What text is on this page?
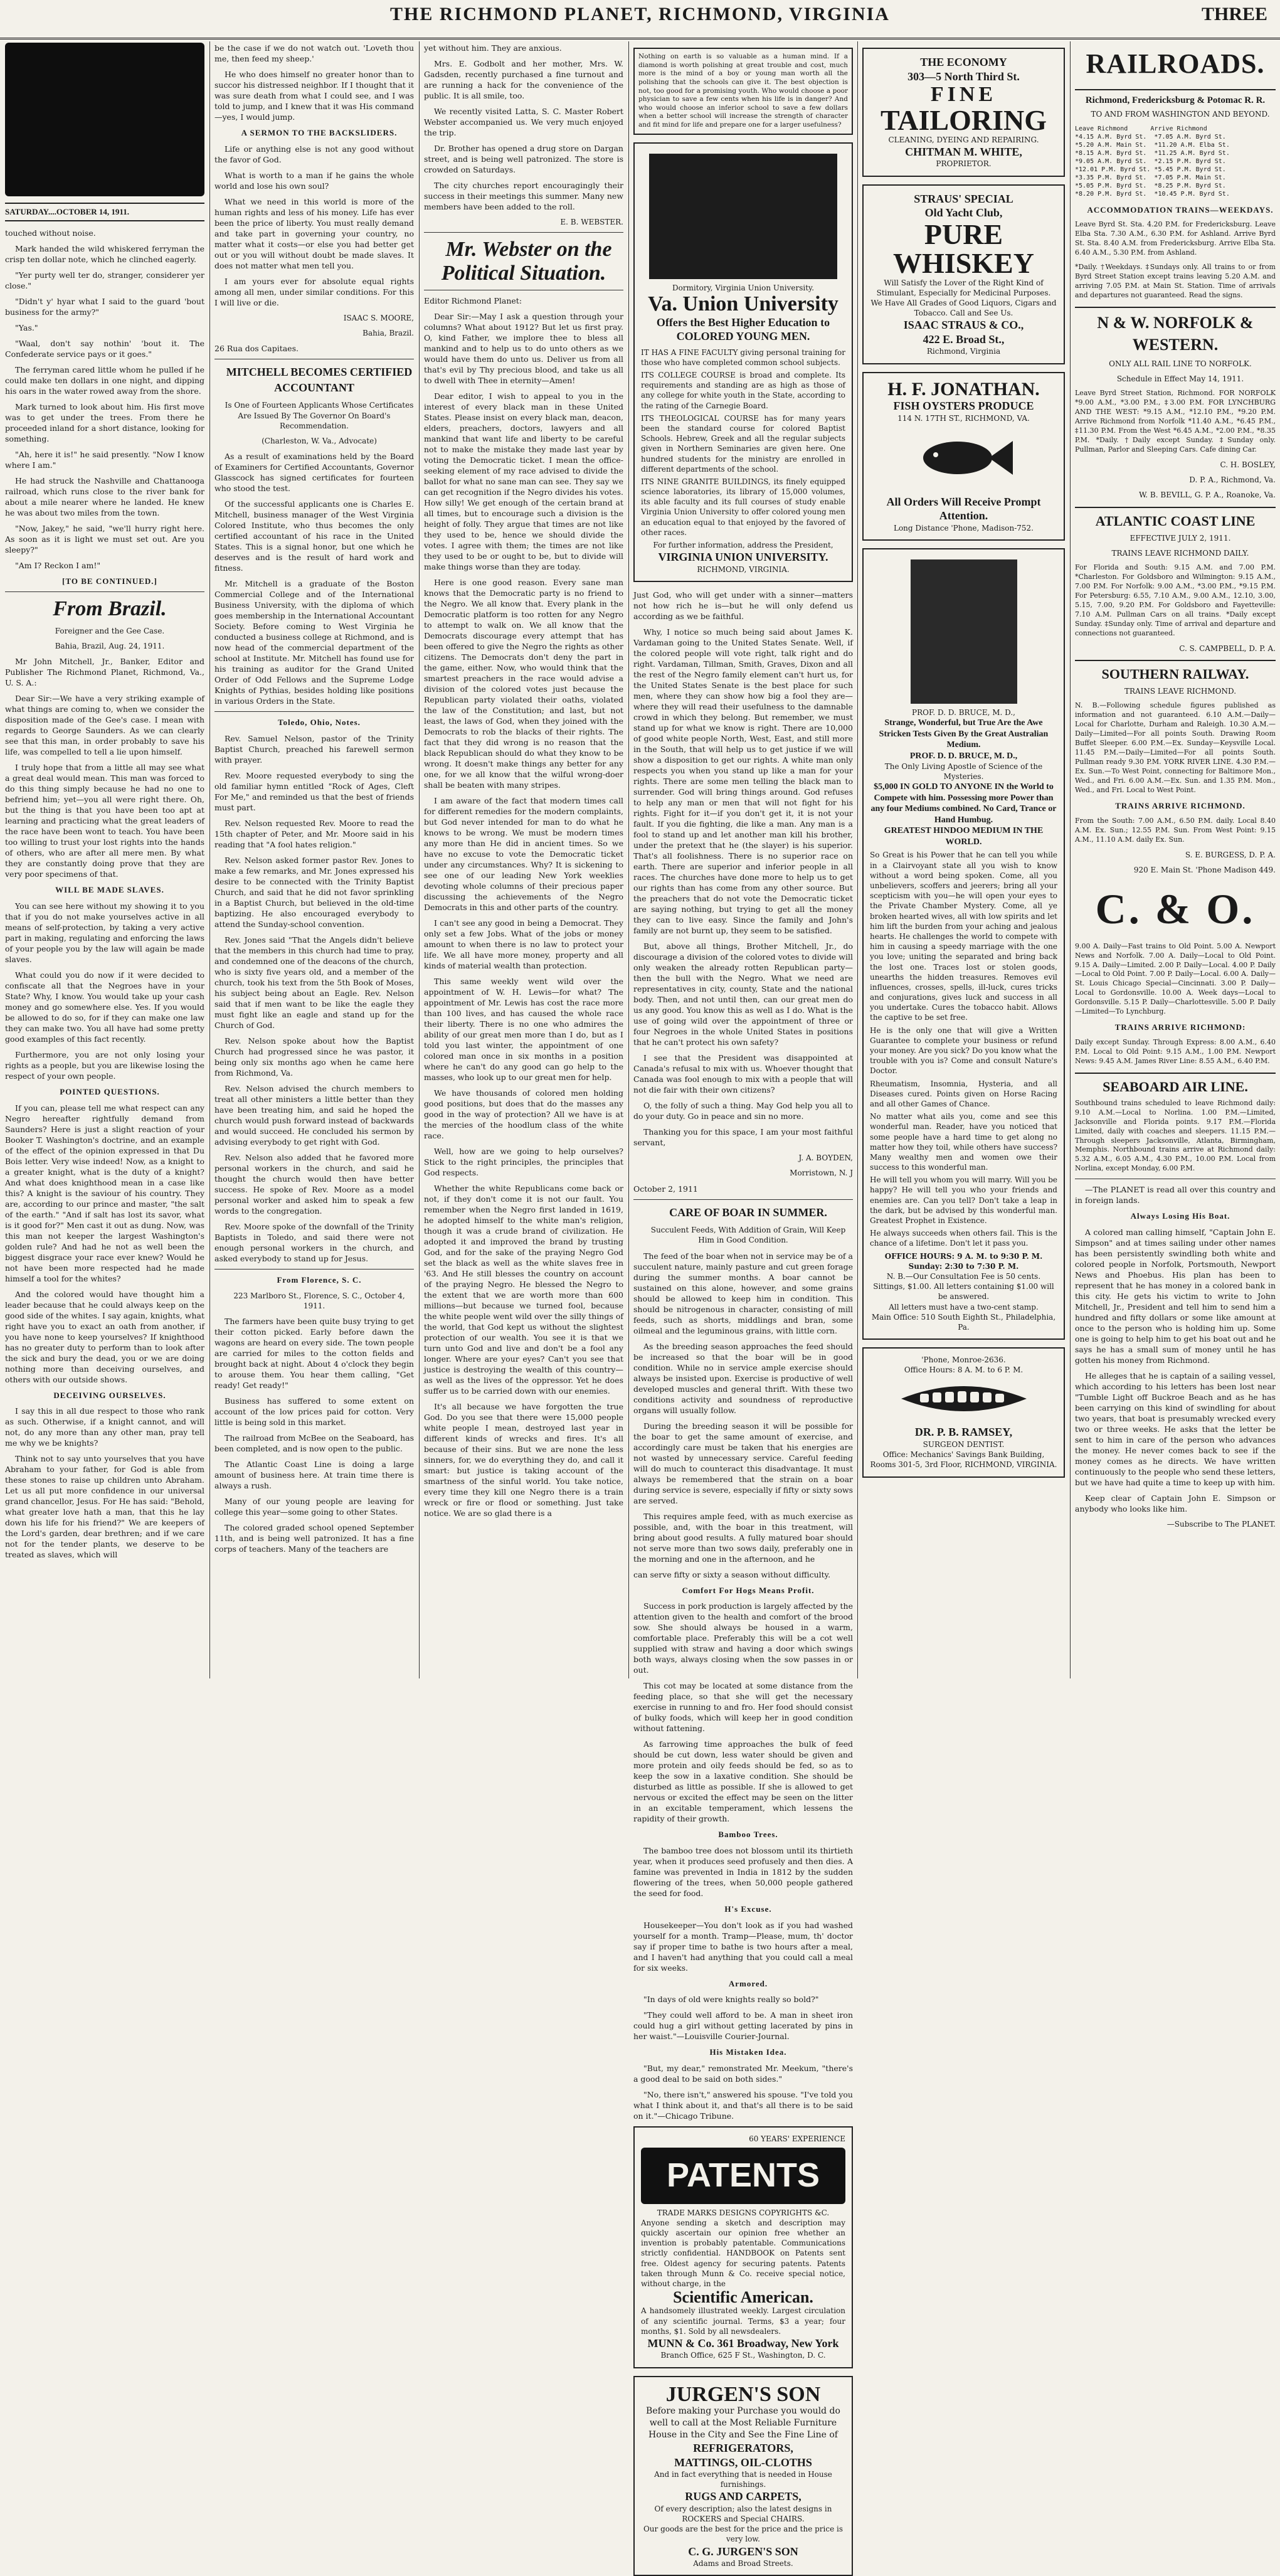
THE RICHMOND PLANET, RICHMOND, VIRGINIA	THREE
SATURDAY....OCTOBER 14, 1911.

touched without noise.

Mark handed the wild whiskered ferryman the crisp ten dollar note, which he clinched eagerly.

"Yer purty well ter do, stranger, considerer yer close."

"Didn't y' hyar what I said to the guard 'bout business for the army?"

"Yas."

"Waal, don't say nothin' 'bout it. The Confederate service pays or it goes."

The ferryman cared little whom he pulled if he could make ten dollars in one night, and dipping his oars in the water rowed away from the shore.

Mark turned to look about him. His first move was to get under the trees. From there he proceeded inland for a short distance, looking for something.

"Ah, here it is!" he said presently. "Now I know where I am."

He had struck the Nashville and Chattanooga railroad, which runs close to the river bank for about a mile nearer where he landed. He knew he was about two miles from the town.

"Now, Jakey," he said, "we'll hurry right here. As soon as it is light we must set out. Are you sleepy?"

"Am I? Reckon I am!"

[TO BE CONTINUED.]

From Brazil.

Foreigner and the Gee Case.

Bahia, Brazil, Aug. 24, 1911.

Mr John Mitchell, Jr., Banker, Editor and Publisher The Richmond Planet, Richmond, Va., U. S. A.:

Dear Sir:—We have a very striking example of what things are coming to, when we consider the disposition made of the Gee's case. I mean with regards to George Saunders. As we can clearly see that this man, in order probably to save his life, was compelled to tell a lie upon himself.

I truly hope that from a little all may see what a great deal would mean. This man was forced to do this thing simply because he had no one to befriend him; yet—you all were right there. Oh, but the thing is that you have been too apt at learning and practicing what the great leaders of the race have been wont to teach. You have been too willing to trust your lost rights into the hands of others, who are after all mere men. By what they are constantly doing prove that they are very poor specimens of that.

WILL BE MADE SLAVES.

You can see here without my showing it to you that if you do not make yourselves active in all means of self-protection, by taking a very active part in making, regulating and enforcing the laws of your people you by the law will again be made slaves.

What could you do now if it were decided to confiscate all that the Negroes have in your State? Why, I know. You would take up your cash money and go somewhere else. Yes. If you would be allowed to do so, for if they can make one law they can make two. You all have had some pretty good examples of this fact recently.

Furthermore, you are not only losing your rights as a people, but you are likewise losing the respect of your own people.

POINTED QUESTIONS.

If you can, please tell me what respect can any Negro hereafter rightfully demand from Saunders? Here is just a slight reaction of your Booker T. Washington's doctrine, and an example of the effect of the opinion expressed in that Du Bois letter. Very wise indeed! Now, as a knight to a greater knight, what is the duty of a knight? And what does knighthood mean in a case like this? A knight is the saviour of his country. They are, according to our prince and master, "the salt of the earth." "And if salt has lost its savor, what is it good for?" Men cast it out as dung. Now, was this man not keeper the largest Washington's golden rule? And had he not as well been the biggest disgrace your race ever knew? Would he not have been more respected had he made himself a tool for the whites?

And the colored would have thought him a leader because that he could always keep on the good side of the whites. I say again, knights, what right have you to exact an oath from another, if you have none to keep yourselves? If knighthood has no greater duty to perform than to look after the sick and bury the dead, you or we are doing nothing more than deceiving ourselves, and others with our outside shows.

DECEIVING OURSELVES.

I say this in all due respect to those who rank as such. Otherwise, if a knight cannot, and will not, do any more than any other man, pray tell me why we be knights?

Think not to say unto yourselves that you have Abraham to your father, for God is able from these stones to raise up children unto Abraham. Let us all put more confidence in our universal grand chancellor, Jesus. For He has said: "Behold, what greater love hath a man, that this he lay down his life for his friend?" We are keepers of the Lord's garden, dear brethren; and if we care not for the tender plants, we deserve to be treated as slaves, which will

be the case if we do not watch out. 'Loveth thou me, then feed my sheep.'

He who does himself no greater honor than to succor his distressed neighbor. If I thought that it was sure death from what I could see, and I was told to jump, and I knew that it was His command—yes, I would jump.

A SERMON TO THE BACKSLIDERS.

Life or anything else is not any good without the favor of God.

What is worth to a man if he gains the whole world and lose his own soul?

What we need in this world is more of the human rights and less of his money. Life has ever been the price of liberty. You must really demand and take part in governing your country, no matter what it costs—or else you had better get out or you will without doubt be made slaves. It does not matter what men tell you.

I am yours ever for absolute equal rights among all men, under similar conditions. For this I will live or die.

ISAAC S. MOORE,

Bahia, Brazil.

26 Rua dos Capitaes.

MITCHELL BECOMES CERTIFIED ACCOUNTANT

Is One of Fourteen Applicants Whose Certificates Are Issued By The Governor On Board's Recommendation.

(Charleston, W. Va., Advocate)

As a result of examinations held by the Board of Examiners for Certified Accountants, Governor Glasscock has signed certificates for fourteen who stood the test.

Of the successful applicants one is Charles E. Mitchell, business manager of the West Virginia Colored Institute, who thus becomes the only certified accountant of his race in the United States. This is a signal honor, but one which he deserves and is the result of hard work and fitness.

Mr. Mitchell is a graduate of the Boston Commercial College and of the International Business University, with the diploma of which goes membership in the International Accountant Society. Before coming to West Virginia he conducted a business college at Richmond, and is now head of the commercial department of the school at Institute. Mr. Mitchell has found use for his training as auditor for the Grand United Order of Odd Fellows and the Supreme Lodge Knights of Pythias, besides holding like positions in various Orders in the State.

Toledo, Ohio, Notes.

Rev. Samuel Nelson, pastor of the Trinity Baptist Church, preached his farewell sermon with prayer.

Rev. Moore requested everybody to sing the old familiar hymn entitled "Rock of Ages, Cleft For Me," and reminded us that the best of friends must part.

Rev. Nelson requested Rev. Moore to read the 15th chapter of Peter, and Mr. Moore said in his reading that "A fool hates religion."

Rev. Nelson asked former pastor Rev. Jones to make a few remarks, and Mr. Jones expressed his desire to be connected with the Trinity Baptist Church, and said that he did not favor sprinkling in a Baptist Church, but believed in the old-time baptizing. He also encouraged everybody to attend the Sunday-school convention.

Rev. Jones said "That the Angels didn't believe that the members in this church had time to pray, and condemned one of the deacons of the church, who is sixty five years old, and a member of the church, took his text from the 5th Book of Moses, his subject being about an Eagle. Rev. Nelson said that if men want to be like the eagle they must fight like an eagle and stand up for the Church of God.

Rev. Nelson spoke about how the Baptist Church had progressed since he was pastor, it being only six months ago when he came here from Richmond, Va.

Rev. Nelson advised the church members to treat all other ministers a little better than they have been treating him, and said he hoped the church would push forward instead of backwards and would succeed. He concluded his sermon by advising everybody to get right with God.

Rev. Nelson also added that he favored more personal workers in the church, and said he thought the church would then have better success. He spoke of Rev. Moore as a model personal worker and asked him to speak a few words to the congregation.

Rev. Moore spoke of the downfall of the Trinity Baptists in Toledo, and said there were not enough personal workers in the church, and asked everybody to stand up for Jesus.

From Florence, S. C.

223 Marlboro St., Florence, S. C., October 4, 1911.

The farmers have been quite busy trying to get their cotton picked. Early before dawn the wagons are heard on every side. The town people are carried for miles to the cotton fields and brought back at night. About 4 o'clock they begin to arouse them. You hear them calling, "Get ready! Get ready!"

Business has suffered to some extent on account of the low prices paid for cotton. Very little is being sold in this market.

The railroad from McBee on the Seaboard, has been completed, and is now open to the public.

The Atlantic Coast Line is doing a large amount of business here. At train time there is always a rush.

Many of our young people are leaving for college this year—some going to other States.

The colored graded school opened September 11th, and is being well patronized. It has a fine corps of teachers. Many of the teachers are

yet without him. They are anxious.

Mrs. E. Godbolt and her mother, Mrs. W. Gadsden, recently purchased a fine turnout and are running a hack for the convenience of the public. It is all smile, too.

We recently visited Latta, S. C. Master Robert Webster accompanied us. We very much enjoyed the trip.

Dr. Brother has opened a drug store on Dargan street, and is being well patronized. The store is crowded on Saturdays.

The city churches report encouragingly their success in their meetings this summer. Many new members have been added to the roll.

E. B. WEBSTER.

Mr. Webster on the Political Situation.

Editor Richmond Planet:

Dear Sir:—May I ask a question through your columns? What about 1912? But let us first pray. O, kind Father, we implore thee to bless all mankind and to help us to do unto others as we would have them do unto us. Deliver us from all that's evil by Thy precious blood, and take us all to dwell with Thee in eternity—Amen!

Dear editor, I wish to appeal to you in the interest of every black man in these United States. Please insist on every black man, deacon, elders, preachers, doctors, lawyers and all mankind that want life and liberty to be careful not to make the mistake they made last year by voting the Democratic ticket. I mean the office-seeking element of my race advised to divide the ballot for what no sane man can see. They say we can get recognition if the Negro divides his votes. How silly! We get enough of the certain brand at all times, but to encourage such a division is the height of folly. They argue that times are not like they used to be, hence we should divide the votes. I agree with them; the times are not like they used to be or ought to be, but to divide will make things worse than they are today.

Here is one good reason. Every sane man knows that the Democratic party is no friend to the Negro. We all know that. Every plank in the Democratic platform is too rotten for any Negro to attempt to walk on. We all know that the Democrats discourage every attempt that has been offered to give the Negro the rights as other citizens. The Democrats don't deny the part in the game, either. Now, who would think that the smartest preachers in the race would advise a division of the colored votes just because the Republican party violated their oaths, violated the law of the Constitution; and last, but not least, the laws of God, when they joined with the Democrats to rob the blacks of their rights. The fact that they did wrong is no reason that the black Republican should do what they know to be wrong. It doesn't make things any better for any one, for we all know that the wilful wrong-doer shall be beaten with many stripes.

I am aware of the fact that modern times call for different remedies for the modern complaints, but God never intended for man to do what he knows to be wrong. We must be modern times any more than He did in ancient times. So we have no excuse to vote the Democratic ticket under any circumstances. Why? It is sickening to see one of our leading New York weeklies devoting whole columns of their precious paper discussing the achievements of the Negro Democrats in this and other parts of the country.

I can't see any good in being a Democrat. They only set a few Jobs. What of the jobs or money amount to when there is no law to protect your life. We all have more money, property and all kinds of material wealth than protection.

This same weekly went wild over the appointment of W. H. Lewis—for what? The appointment of Mr. Lewis has cost the race more than 100 lives, and has caused the whole race their liberty. There is no one who admires the ability of our great men more than I do, but as I told you last winter, the appointment of one colored man once in six months in a position where he can't do any good can go help to the masses, who look up to our great men for help.

We have thousands of colored men holding good positions, but does that do the masses any good in the way of protection? All we have is at the mercies of the hoodlum class of the white race.

Well, how are we going to help ourselves? Stick to the right principles, the principles that God respects.

Whether the white Republicans come back or not, if they don't come it is not our fault. You remember when the Negro first landed in 1619, he adopted himself to the white man's religion, though it was a crude brand of civilization. He adopted it and improved the brand by trusting God, and for the sake of the praying Negro God set the black as well as the white slaves free in '63. And He still blesses the country on account of the praying Negro. He blessed the Negro to the extent that we are worth more than 600 millions—but because we turned fool, because the white people went wild over the silly things of the world, that God kept us without the slightest protection of our wealth. You see it is that we turn unto God and live and don't be a fool any longer. Where are your eyes? Can't you see that justice is destroying the wealth of this country—as well as the lives of the oppressor. Yet he does suffer us to be carried down with our enemies.

It's all because we have forgotten the true God. Do you see that there were 15,000 people white people I mean, destroyed last year in different kinds of wrecks and fires. It's all because of their sins. But we are none the less sinners, for, we do everything they do, and call it smart: but justice is taking account of the smartness of the sinful world. You take notice, every time they kill one Negro there is a train wreck or fire or flood or something. Just take notice. We are so glad there is a

Nothing on earth is so valuable as a human mind. If a diamond is worth polishing at great trouble and cost, much more is the mind of a boy or young man worth all the polishing that the schools can give it. The best objection is not, too good for a promising youth. Who would choose a poor physician to save a few cents when his life is in danger? And who would choose an inferior school to save a few dollars when a better school will increase the strength of character and fit mind for life and prepare one for a larger usefulness?
Dormitory, Virginia Union University.
Va. Union University
Offers the Best Higher Education to
COLORED YOUNG MEN.
IT HAS A FINE FACULTY giving personal training for those who have completed common school subjects.
ITS COLLEGE COURSE is broad and complete. Its requirements and standing are as high as those of any college for white youth in the State, according to the rating of the Carnegie Board.
ITS THEOLOGICAL COURSE has for many years been the standard course for colored Baptist Schools. Hebrew, Greek and all the regular subjects given in Northern Seminaries are given here. One hundred students for the ministry are enrolled in different departments of the school.
ITS NINE GRANITE BUILDINGS, its finely equipped science laboratories, its library of 15,000 volumes, its able faculty and its full courses of study enable Virginia Union University to offer colored young men an education equal to that enjoyed by the favored of other races.
For further information, address the President,
VIRGINIA UNION UNIVERSITY.
RICHMOND, VIRGINIA.

Just God, who will get under with a sinner—matters not how rich he is—but he will only defend us according as we be faithful.

Why, I notice so much being said about James K. Vardaman going to the United States Senate. Well, if the colored people will vote right, talk right and do right. Vardaman, Tillman, Smith, Graves, Dixon and all the rest of the Negro family element can't hurt us, for the United States Senate is the best place for such men, where they can show how big a fool they are—where they will read their usefulness to the damnable crowd in which they belong. But remember, we must stand up for what we know is right. There are 10,000 of good white people North, West, East, and still more in the South, that will help us to get justice if we will show a disposition to get our rights. A white man only respects you when you stand up like a man for your rights. There are some men telling the black man to surrender. God will bring things around. God refuses to help any man or men that will not fight for his rights. Fight for it—if you don't get it, it is not your fault. If you die fighting, die like a man. Any man is a fool to stand up and let another man kill his brother, under the pretext that he (the slayer) is his superior. That's all foolishness. There is no superior race on earth. There are superior and inferior people in all races. The churches have done more to help us to get our rights than has come from any other source. But the preachers that do not vote the Democratic ticket are saying nothing, but trying to get all the money they can to live easy. Since the family and John's family are not burnt up, they seem to be satisfied.

But, above all things, Brother Mitchell, Jr., do discourage a division of the colored votes to divide will only weaken the already rotten Republican party—then the bull with the Negro. What we need are representatives in city, county, State and the national body. Then, and not until then, can our great men do us any good. You know this as well as I do. What is the use of going wild over the appointment of three or four Negroes in the whole United States in positions that he can't protect his own safety?

I see that the President was disappointed at Canada's refusal to mix with us. Whoever thought that Canada was fool enough to mix with a people that will not die fair with their own citizens?

O, the folly of such a thing. May God help you all to do your duty. Go in peace and sin no more.

Thanking you for this space, I am your most faithful servant,

J. A. BOYDEN,

Morristown, N. J

October 2, 1911

CARE OF BOAR IN SUMMER.

Succulent Feeds, With Addition of Grain, Will Keep Him in Good Condition.

The feed of the boar when not in service may be of a succulent nature, mainly pasture and cut green forage during the summer months. A boar cannot be sustained on this alone, however, and some grains should be allowed to keep him in condition. This should be nitrogenous in character, consisting of mill feeds, such as shorts, middlings and bran, some oilmeal and the leguminous grains, with little corn.

As the breeding season approaches the feed should be increased so that the boar will be in good condition. While no in service ample exercise should always be insisted upon. Exercise is productive of well developed muscles and general thrift. With these two conditions activity and soundness of reproductive organs will usually follow.

During the breeding season it will be possible for the boar to get the same amount of exercise, and accordingly care must be taken that his energies are not wasted by unnecessary service. Careful feeding will do much to counteract this disadvantage. It must always be remembered that the strain on a boar during service is severe, especially if fifty or sixty sows are served.

This requires ample feed, with as much exercise as possible, and, with the boar in this treatment, will bring about good results. A fully matured boar should not serve more than two sows daily, preferably one in the morning and one in the afternoon, and he

can serve fifty or sixty a season without difficulty.

Comfort For Hogs Means Profit.

Success in pork production is largely affected by the attention given to the health and comfort of the brood sow. She should always be housed in a warm, comfortable place. Preferably this will be a cot well supplied with straw and having a door which swings both ways, always closing when the sow passes in or out.

This cot may be located at some distance from the feeding place, so that she will get the necessary exercise in running to and fro. Her food should consist of bulky foods, which will keep her in good condition without fattening.

As farrowing time approaches the bulk of feed should be cut down, less water should be given and more protein and oily feeds should be fed, so as to keep the sow in a laxative condition. She should be disturbed as little as possible. If she is allowed to get nervous or excited the effect may be seen on the litter in an excitable temperament, which lessens the rapidity of their growth.

Bamboo Trees.

The bamboo tree does not blossom until its thirtieth year, when it produces seed profusely and then dies. A famine was prevented in India in 1812 by the sudden flowering of the trees, when 50,000 people gathered the seed for food.

H's Excuse.

Housekeeper—You don't look as if you had washed yourself for a month. Tramp—Please, mum, th' doctor say if proper time to bathe is two hours after a meal, and I haven't had anything that you could call a meal for six weeks.

Armored.

"In days of old were knights really so bold?"

"They could well afford to be. A man in sheet iron could hug a girl without getting lacerated by pins in her waist."—Louisville Courier-Journal.

His Mistaken Idea.

"But, my dear," remonstrated Mr. Meekum, "there's a good deal to be said on both sides."

"No, there isn't," answered his spouse. "I've told you what I think about it, and that's all there is to be said on it."—Chicago Tribune.

60 YEARS' EXPERIENCE
PATENTS
TRADE MARKS DESIGNS COPYRIGHTS &C.
Anyone sending a sketch and description may quickly ascertain our opinion free whether an invention is probably patentable. Communications strictly confidential. HANDBOOK on Patents sent free. Oldest agency for securing patents. Patents taken through Munn & Co. receive special notice, without charge, in the
Scientific American.
A handsomely illustrated weekly. Largest circulation of any scientific journal. Terms, $3 a year; four months, $1. Sold by all newsdealers.
MUNN & Co. 361 Broadway, New York
Branch Office, 625 F St., Washington, D. C.
JURGEN'S SON
Before making your Purchase you would do well to call at the Most Reliable Furniture House in the City and See the Fine Line of
REFRIGERATORS,
MATTINGS, OIL-CLOTHS
And in fact everything that is needed in House furnishings.
RUGS AND CARPETS,
Of every description; also the latest designs in ROCKERS and Special CHAIRS.
Our goods are the best for the price and the price is very low.
C. G. JURGEN'S SON
Adams and Broad Streets.
THE ECONOMY
303—5 North Third St.
FINE
TAILORING
CLEANING, DYEING AND REPAIRING.
CHITMAN M. WHITE,
PROPRIETOR.
STRAUS' SPECIAL
Old Yacht Club,
PURE WHISKEY
Will Satisfy the Lover of the Right Kind of Stimulant, Especially for Medicinal Purposes. We Have All Grades of Good Liquors, Cigars and Tobacco. Call and See Us.
ISAAC STRAUS & CO.,
422 E. Broad St.,
Richmond, Virginia
H. F. JONATHAN.
FISH OYSTERS PRODUCE
114 N. 17TH ST., RICHMOND, VA.
All Orders Will Receive Prompt Attention.
Long Distance 'Phone, Madison-752.
PROF. D. D. BRUCE, M. D.,
Strange, Wonderful, but True Are the Awe Stricken Tests Given By the Great Australian Medium.
PROF. D. D. BRUCE, M. D.,
The Only Living Apostle of Science of the Mysteries.
$5,000 IN GOLD TO ANYONE IN the World to Compete with him. Possessing more Power than any four Mediums combined. No Card, Trance or Hand Humbug.
GREATEST HINDOO MEDIUM IN THE WORLD.
So Great is his Power that he can tell you while in a Clairvoyant state all you wish to know without a word being spoken. Come, all you unbelievers, scoffers and jeerers; bring all your scepticism with you—he will open your eyes to the Private Chamber Mystery. Come, all ye broken hearted wives, all with low spirits and let him lift the burden from your aching and jealous hearts. He challenges the world to compete with him in causing a speedy marriage with the one you love; uniting the separated and bring back the lost one. Traces lost or stolen goods, unearths the hidden treasures. Removes evil influences, crosses, spells, ill-luck, cures tricks and conjurations, gives luck and success in all you undertake. Cures the tobacco habit. Allows the captive to be set free.
He is the only one that will give a Written Guarantee to complete your business or refund your money. Are you sick? Do you know what the trouble with you is? Come and consult Nature's Doctor.
Rheumatism, Insomnia, Hysteria, and all Diseases cured. Points given on Horse Racing and all other Games of Chance.
No matter what ails you, come and see this wonderful man. Reader, have you noticed that some people have a hard time to get along no matter how they toil, while others have success? Many wealthy men and women owe their success to this wonderful man.
He will tell you whom you will marry. Will you be happy? He will tell you who your friends and enemies are. Can you tell? Don't take a leap in the dark, but be advised by this wonderful man. Greatest Prophet in Existence.
He always succeeds when others fail. This is the chance of a lifetime. Don't let it pass you.
OFFICE HOURS: 9 A. M. to 9:30 P. M. Sunday: 2:30 to 7:30 P. M.
N. B.—Our Consultation Fee is 50 cents. Sittings, $1.00. All letters containing $1.00 will be answered.
All letters must have a two-cent stamp.
Main Office: 510 South Eighth St., Philadelphia, Pa.
'Phone, Monroe-2636.
Office Hours: 8 A. M. to 6 P. M.
DR. P. B. RAMSEY,
SURGEON DENTIST.
Office: Mechanics' Savings Bank Building, Rooms 301-5, 3rd Floor, RICHMOND, VIRGINIA.
RAILROADS.
Richmond, Fredericksburg & Potomac R. R.

TO AND FROM WASHINGTON AND BEYOND.

Leave Richmond      Arrive Richmond
*4.15 A.M. Byrd St.  *7.05 A.M. Byrd St.
*5.20 A.M. Main St.  *11.20 A.M. Elba St.
*8.15 A.M. Byrd St.  *11.25 A.M. Byrd St.
*9.05 A.M. Byrd St.  *2.15 P.M. Byrd St.
*12.01 P.M. Byrd St. *5.45 P.M. Byrd St.
*3.35 P.M. Byrd St.  *7.05 P.M. Main St.
*5.05 P.M. Byrd St.  *8.25 P.M. Byrd St.
*8.20 P.M. Byrd St.  *10.45 P.M. Byrd St.

ACCOMMODATION TRAINS—WEEKDAYS.

Leave Byrd St. Sta. 4.20 P.M. for Fredericksburg. Leave Elba Sta. 7.30 A.M., 6.30 P.M. for Ashland. Arrive Byrd St. Sta. 8.40 A.M. from Fredericksburg. Arrive Elba Sta. 6.40 A.M., 5.30 P.M. from Ashland.

*Daily. †Weekdays. ‡Sundays only. All trains to or from Byrd Street Station except trains leaving 5.20 A.M. and arriving 7.05 P.M. at Main St. Station. Time of arrivals and departures not guaranteed. Read the signs.

N & W. NORFOLK & WESTERN.

ONLY ALL RAIL LINE TO NORFOLK.

Schedule in Effect May 14, 1911.

Leave Byrd Street Station, Richmond. FOR NORFOLK *9.00 A.M., *3.00 P.M., ‡3.00 P.M. FOR LYNCHBURG AND THE WEST: *9.15 A.M., *12.10 P.M., *9.20 P.M. Arrive Richmond from Norfolk *11.40 A.M., *6.45 P.M., ‡11.30 P.M. From the West *6.45 A.M., *2.00 P.M., *8.35 P.M. *Daily. †Daily except Sunday. ‡Sunday only. Pullman, Parlor and Sleeping Cars. Cafe dining Car.

C. H. BOSLEY,

D. P. A., Richmond, Va.

W. B. BEVILL, G. P. A., Roanoke, Va.

ATLANTIC COAST LINE

EFFECTIVE JULY 2, 1911.

TRAINS LEAVE RICHMOND DAILY.

For Florida and South: 9.15 A.M. and 7.00 P.M. *Charleston. For Goldsboro and Wilmington: 9.15 A.M., 7.00 P.M. For Norfolk: 9.00 A.M., *3.00 P.M., *9.15 P.M. For Petersburg: 6.55, 7.10 A.M., 9.00 A.M., 12.10, 3.00, 5.15, 7.00, 9.20 P.M. For Goldsboro and Fayetteville: 7.10 A.M. Pullman Cars on all trains. *Daily except Sunday. ‡Sunday only. Time of arrival and departure and connections not guaranteed.

C. S. CAMPBELL, D. P. A.

SOUTHERN RAILWAY.

TRAINS LEAVE RICHMOND.

N. B.—Following schedule figures published as information and not guaranteed. 6.10 A.M.—Daily—Local for Charlotte, Durham and Raleigh. 10.30 A.M.—Daily—Limited—For all points South. Drawing Room Buffet Sleeper. 6.00 P.M.—Ex. Sunday—Keysville Local. 11.45 P.M.—Daily—Limited—For all points South. Pullman ready 9.30 P.M. YORK RIVER LINE. 4.30 P.M.—Ex. Sun.—To West Point, connecting for Baltimore Mon., Wed., and Fri. 6.00 A.M.—Ex. Sun. and 1.35 P.M. Mon., Wed., and Fri. Local to West Point.

TRAINS ARRIVE RICHMOND.

From the South: 7.00 A.M., 6.50 P.M. daily. Local 8.40 A.M. Ex. Sun.; 12.55 P.M. Sun. From West Point: 9.15 A.M., 11.10 A.M. daily Ex. Sun.

S. E. BURGESS, D. P. A.

920 E. Main St. 'Phone Madison 449.

C. & O.

9.00 A. Daily—Fast trains to Old Point. 5.00 A. Newport News and Norfolk. 7.00 A. Daily—Local to Old Point. 9.15 A. Daily—Limited. 2.00 P. Daily—Local. 4.00 P. Daily—Local to Old Point. 7.00 P. Daily—Local. 6.00 A. Daily—St. Louis Chicago Special—Cincinnati. 3.00 P. Daily—Local to Gordonsville. 10.00 A. Week days—Local to Gordonsville. 5.15 P. Daily—Charlottesville. 5.00 P. Daily—Limited—To Lynchburg.

TRAINS ARRIVE RICHMOND:

Daily except Sunday. Through Express: 8.00 A.M., 6.40 P.M. Local to Old Point: 9.15 A.M., 1.00 P.M. Newport News: 9.45 A.M. James River Line: 8.55 A.M., 6.40 P.M.

SEABOARD AIR LINE.

Southbound trains scheduled to leave Richmond daily: 9.10 A.M.—Local to Norlina. 1.00 P.M.—Limited, Jacksonville and Florida points. 9.17 P.M.—Florida Limited, daily with coaches and sleepers. 11.15 P.M.—Through sleepers Jacksonville, Atlanta, Birmingham, Memphis. Northbound trains arrive at Richmond daily: 5.32 A.M., 6.05 A.M., 4.30 P.M., 10.00 P.M. Local from Norlina, except Monday, 6.00 P.M.

—The PLANET is read all over this country and in foreign lands.

Always Losing His Boat.

A colored man calling himself, "Captain John E. Simpson" and at times sailing under other names has been persistently swindling both white and colored people in Norfolk, Portsmouth, Newport News and Phoebus. His plan has been to represent that he has money in a colored bank in this city. He gets his victim to write to John Mitchell, Jr., President and tell him to send him a hundred and fifty dollars or some like amount at once to the person who is holding him up. Some one is going to help him to get his boat out and he says he has a small sum of money until he has gotten his money from Richmond.

He alleges that he is captain of a sailing vessel, which according to his letters has been lost near "Tumble Light off Buckroe Beach and as he has been carrying on this kind of swindling for about two years, that boat is presumably wrecked every two or three weeks. He asks that the letter be sent to him in care of the person who advances the money. He never comes back to see if the money comes as he directs. We have written continuously to the people who send these letters, but we have had quite a time to keep up with him.

Keep clear of Captain John E. Simpson or anybody who looks like him.

—Subscribe to The PLANET.
